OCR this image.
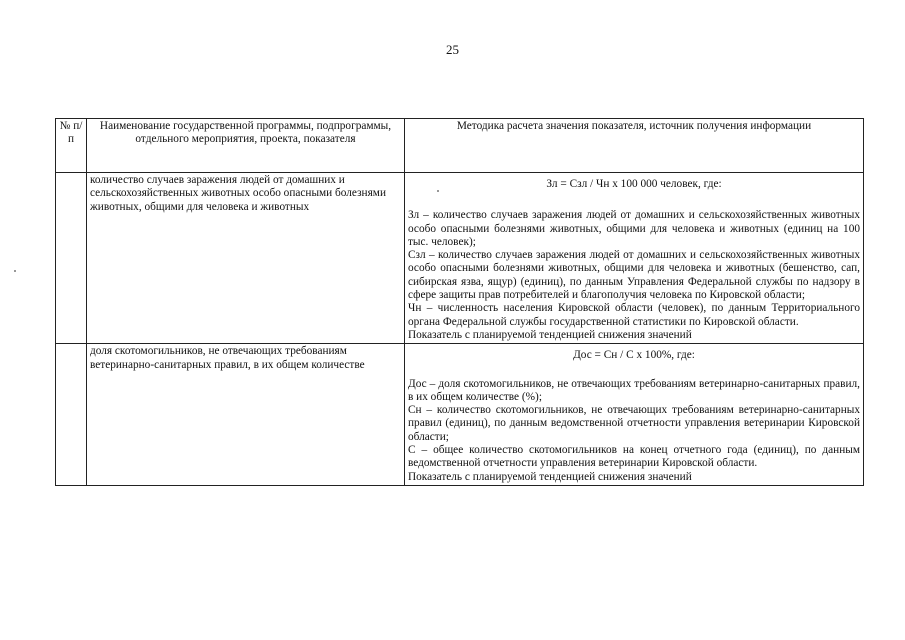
25
№ п/п	Наименование государственной программы, подпрограммы, отдельного мероприятия, проекта, показателя	Методика расчета значения показателя, источник получения информации
	количество случаев заражения людей от домашних и сельскохозяйственных животных особо опасными болезнями животных, общими для человека и животных	Зл = Сзл / Чн х 100 000 человек, где:

Зл – количество случаев заражения людей от домашних и сельскохозяйственных животных особо опасными болезнями животных, общими для человека и животных (единиц на 100 тыс. человек);

Сзл – количество случаев заражения людей от домашних и сельскохозяйственных животных особо опасными болезнями животных, общими для человека и животных (бешенство, сап, сибирская язва, ящур) (единиц), по данным Управления Федеральной службы по надзору в сфере защиты прав потребителей и благополучия человека по Кировской области;

Чн – численность населения Кировской области (человек), по данным Территориального органа Федеральной службы государственной статистики по Кировской области.

Показатель с планируемой тенденцией снижения значений

	доля скотомогильников, не отвечающих требованиям ветеринарно-санитарных правил, в их общем количестве	Дос = Сн / С х 100%, где:

Дос – доля скотомогильников, не отвечающих требованиям ветеринарно-санитарных правил, в их общем количестве (%);

Сн – количество скотомогильников, не отвечающих требованиям ветеринарно-санитарных правил (единиц), по данным ведомственной отчетности управления ветеринарии Кировской области;

С – общее количество скотомогильников на конец отчетного года (единиц), по данным ведомственной отчетности управления ветеринарии Кировской области.

Показатель с планируемой тенденцией снижения значений
